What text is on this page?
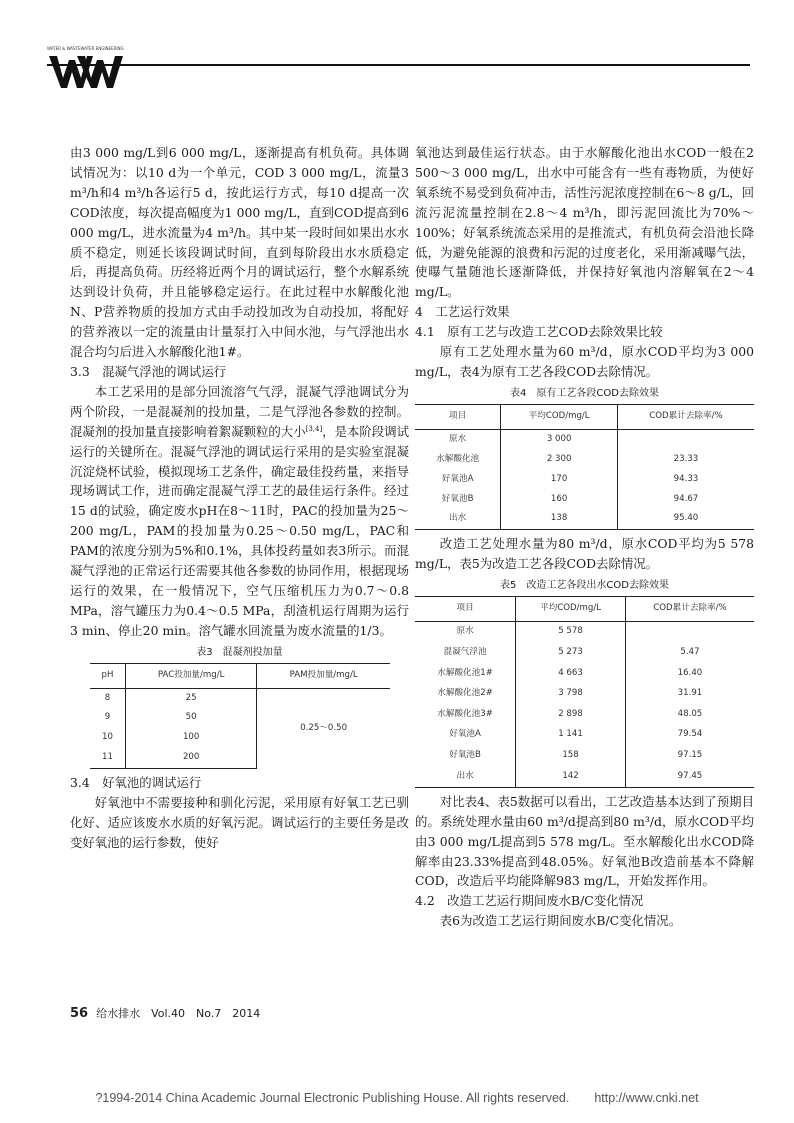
WATER & WASTEWATER ENGINEERING

由3 000 mg/L到6 000 mg/L，逐渐提高有机负荷。具体调试情况为：以10 d为一个单元，COD 3 000 mg/L，流量3 m³/h和4 m³/h各运行5 d，按此运行方式，每10 d提高一次COD浓度，每次提高幅度为1 000 mg/L，直到COD提高到6 000 mg/L，进水流量为4 m³/h。其中某一段时间如果出水水质不稳定，则延长该段调试时间，直到每阶段出水水质稳定后，再提高负荷。历经将近两个月的调试运行，整个水解系统达到设计负荷，并且能够稳定运行。在此过程中水解酸化池N、P营养物质的投加方式由手动投加改为自动投加，将配好的营养液以一定的流量由计量泵打入中间水池，与气浮池出水混合均匀后进入水解酸化池1#。

3.3　混凝气浮池的调试运行

本工艺采用的是部分回流溶气气浮，混凝气浮池调试分为两个阶段，一是混凝剂的投加量，二是气浮池各参数的控制。混凝剂的投加量直接影响着絮凝颗粒的大小[3,4]，是本阶段调试运行的关键所在。混凝气浮池的调试运行采用的是实验室混凝沉淀烧杯试验，模拟现场工艺条件，确定最佳投药量，来指导现场调试工作，进而确定混凝气浮工艺的最佳运行条件。经过15 d的试验，确定废水pH在8～11时，PAC的投加量为25～200 mg/L，PAM的投加量为0.25～0.50 mg/L，PAC和PAM的浓度分别为5%和0.1%，具体投药量如表3所示。而混凝气浮池的正常运行还需要其他各参数的协同作用，根据现场运行的效果，在一般情况下，空气压缩机压力为0.7～0.8 MPa，溶气罐压力为0.4～0.5 MPa，刮渣机运行周期为运行3 min、停止20 min。溶气罐水回流量为废水流量的1/3。

表3　混凝剂投加量
pH	PAC投加量/mg/L	PAM投加量/mg/L
8	25	0.25～0.50
9	50	
10	100	
11	200	

3.4　好氧池的调试运行

好氧池中不需要接种和驯化污泥，采用原有好氧工艺已驯化好、适应该废水水质的好氧污泥。调试运行的主要任务是改变好氧池的运行参数，使好

氧池达到最佳运行状态。由于水解酸化池出水COD一般在2 500～3 000 mg/L，出水中可能含有一些有毒物质，为使好氧系统不易受到负荷冲击，活性污泥浓度控制在6～8 g/L，回流污泥流量控制在2.8～4 m³/h，即污泥回流比为70%～100%；好氧系统流态采用的是推流式，有机负荷会沿池长降低，为避免能源的浪费和污泥的过度老化，采用渐减曝气法，使曝气量随池长逐渐降低，并保持好氧池内溶解氧在2～4 mg/L。

4　工艺运行效果

4.1　原有工艺与改造工艺COD去除效果比较

原有工艺处理水量为60 m³/d，原水COD平均为3 000 mg/L，表4为原有工艺各段COD去除情况。

表4　原有工艺各段COD去除效果
项目	平均COD/mg/L	COD累计去除率/%
原水	3 000	
水解酸化池	2 300	23.33
好氧池A	170	94.33
好氧池B	160	94.67
出水	138	95.40

改造工艺处理水量为80 m³/d，原水COD平均为5 578 mg/L，表5为改造工艺各段COD去除情况。

表5　改造工艺各段出水COD去除效果
项目	平均COD/mg/L	COD累计去除率/%
原水	5 578	
混凝气浮池	5 273	5.47
水解酸化池1#	4 663	16.40
水解酸化池2#	3 798	31.91
水解酸化池3#	2 898	48.05
好氧池A	1 141	79.54
好氧池B	158	97.15
出水	142	97.45

对比表4、表5数据可以看出，工艺改造基本达到了预期目的。系统处理水量由60 m³/d提高到80 m³/d，原水COD平均由3 000 mg/L提高到5 578 mg/L。至水解酸化出水COD降解率由23.33%提高到48.05%。好氧池B改造前基本不降解COD，改造后平均能降解983 mg/L，开始发挥作用。

4.2　改造工艺运行期间废水B/C变化情况

表6为改造工艺运行期间废水B/C变化情况。

56 给水排水　Vol.40　No.7　2014
?1994-2014 China Academic Journal Electronic Publishing House. All rights reserved.　　http://www.cnki.net
